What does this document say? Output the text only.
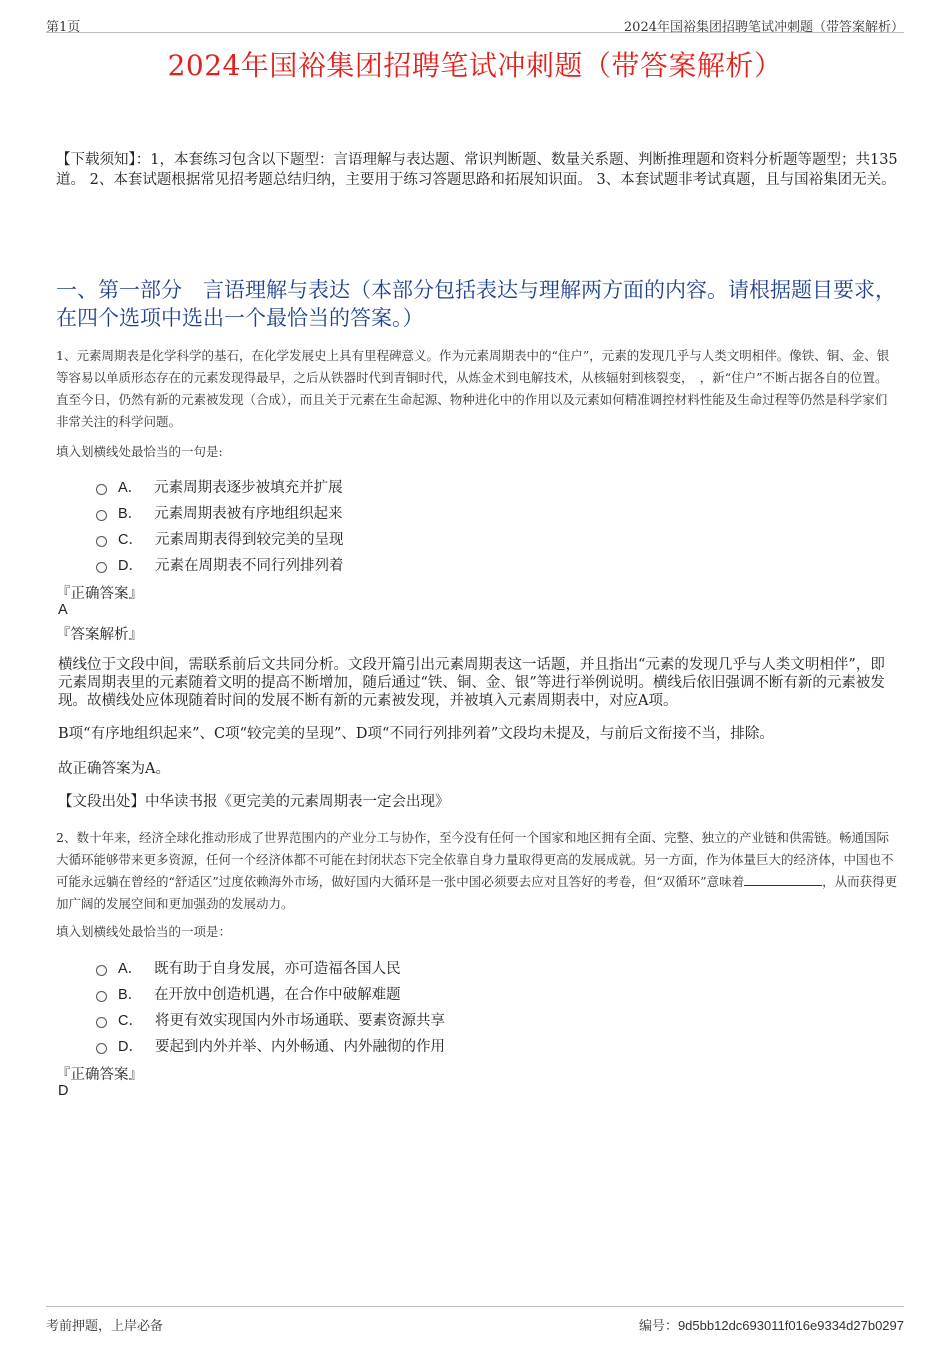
第1页	2024年国裕集团招聘笔试冲刺题（带答案解析）
2024年国裕集团招聘笔试冲刺题（带答案解析）
【下载须知】：1，本套练习包含以下题型：言语理解与表达题、常识判断题、数量关系题、判断推理题和资料分析题等题型；共135道。 2、本套试题根据常见招考题总结归纳，主要用于练习答题思路和拓展知识面。 3、本套试题非考试真题，且与国裕集团无关。
一、第一部分　言语理解与表达（本部分包括表达与理解两方面的内容。请根据题目要求，在四个选项中选出一个最恰当的答案。）
1、元素周期表是化学科学的基石，在化学发展史上具有里程碑意义。作为元素周期表中的“住户”，元素的发现几乎与人类文明相伴。像铁、铜、金、银等容易以单质形态存在的元素发现得最早，之后从铁器时代到青铜时代，从炼金术到电解技术，从核辐射到核裂变，　，新“住户”不断占据各自的位置。直至今日，仍然有新的元素被发现（合成），而且关于元素在生命起源、物种进化中的作用以及元素如何精准调控材料性能及生命过程等仍然是科学家们非常关注的科学问题。
填入划横线处最恰当的一句是:
A． 元素周期表逐步被填充并扩展
B． 元素周期表被有序地组织起来
C． 元素周期表得到较完美的呈现
D． 元素在周期表不同行列排列着
『正确答案』
A
『答案解析』
横线位于文段中间，需联系前后文共同分析。文段开篇引出元素周期表这一话题，并且指出“元素的发现几乎与人类文明相伴”，即元素周期表里的元素随着文明的提高不断增加，随后通过“铁、铜、金、银”等进行举例说明。横线后依旧强调不断有新的元素被发现。故横线处应体现随着时间的发展不断有新的元素被发现，并被填入元素周期表中，对应A项。
B项“有序地组织起来”、C项“较完美的呈现”、D项“不同行列排列着”文段均未提及，与前后文衔接不当，排除。
故正确答案为A。
【文段出处】中华读书报《更完美的元素周期表一定会出现》
2、数十年来，经济全球化推动形成了世界范围内的产业分工与协作，至今没有任何一个国家和地区拥有全面、完整、独立的产业链和供需链。畅通国际大循环能够带来更多资源，任何一个经济体都不可能在封闭状态下完全依靠自身力量取得更高的发展成就。另一方面，作为体量巨大的经济体，中国也不可能永远躺在曾经的“舒适区”过度依赖海外市场，做好国内大循环是一张中国必须要去应对且答好的考卷，但“双循环”意味着	，从而获得更加广阔的发展空间和更加强劲的发展动力。
填入划横线处最恰当的一项是：
A． 既有助于自身发展，亦可造福各国人民
B． 在开放中创造机遇，在合作中破解难题
C． 将更有效实现国内外市场通联、要素资源共享
D． 要起到内外并举、内外畅通、内外融彻的作用
『正确答案』
D
考前押题，上岸必备	编号：9d5bb12dc693011f016e9334d27b0297
